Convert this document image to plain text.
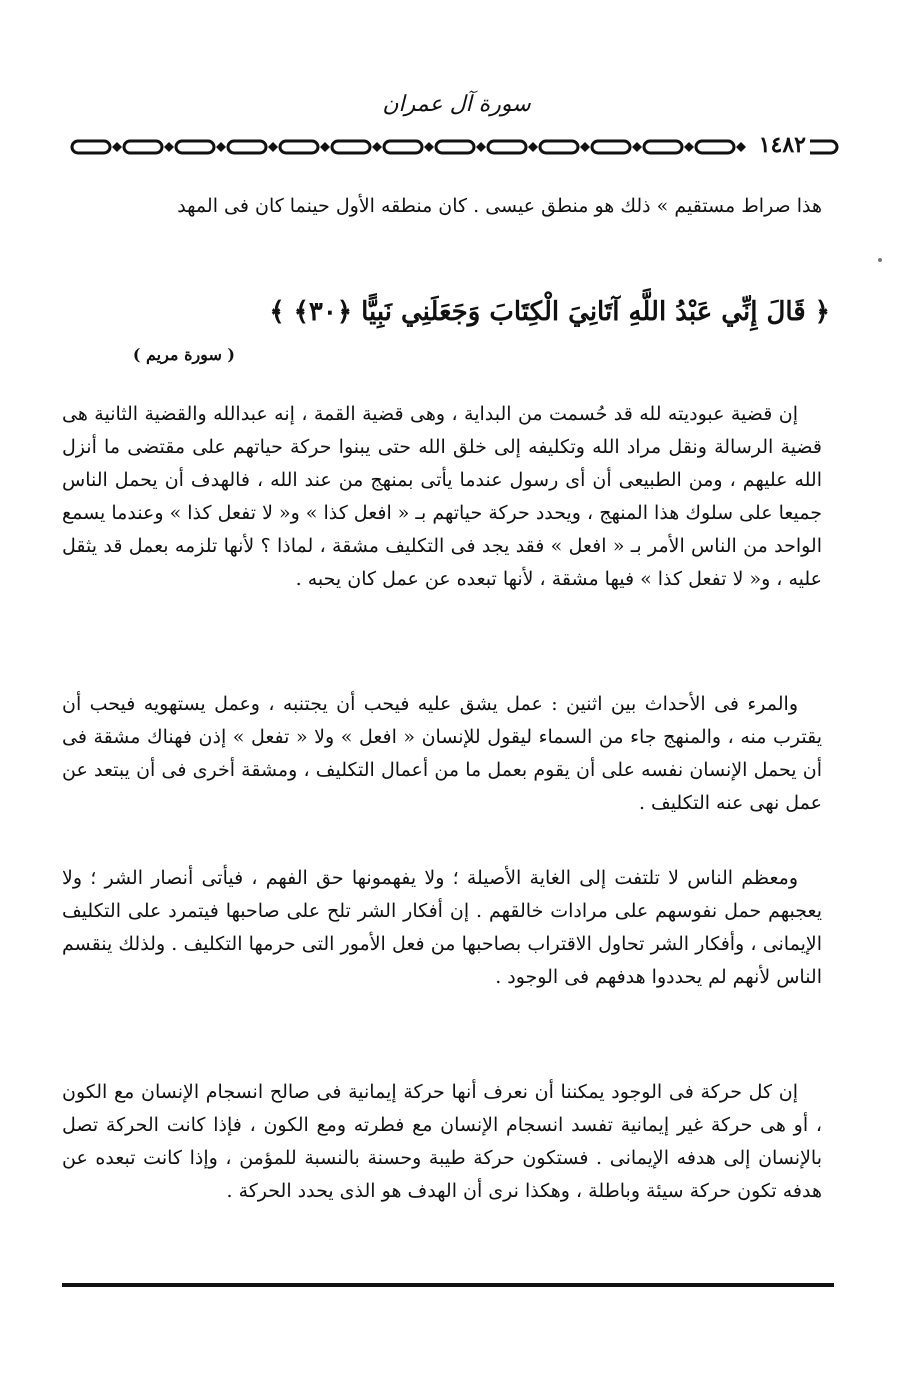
سورة آل عمران
١٤٨٢

هذا صراط مستقيم » ذلك هو منطق عيسى . كان منطقه الأول حينما كان فى المهد

﴿ قَالَ إِنِّي عَبْدُ اللَّهِ آتَانِيَ الْكِتَابَ وَجَعَلَنِي نَبِيًّا ﴿٣٠﴾ ﴾
( سورة مريم )

إن قضية عبوديته لله قد حُسمت من البداية ، وهى قضية القمة ، إنه عبدالله والقضية الثانية هى قضية الرسالة ونقل مراد الله وتكليفه إلى خلق الله حتى يبنوا حركة حياتهم على مقتضى ما أنزل الله عليهم ، ومن الطبيعى أن أى رسول عندما يأتى بمنهج من عند الله ، فالهدف أن يحمل الناس جميعا على سلوك هذا المنهج ، ويحدد حركة حياتهم بـ « افعل كذا » و« لا تفعل كذا » وعندما يسمع الواحد من الناس الأمر بـ « افعل » فقد يجد فى التكليف مشقة ، لماذا ؟ لأنها تلزمه بعمل قد يثقل عليه ، و« لا تفعل كذا » فيها مشقة ، لأنها تبعده عن عمل كان يحبه .

والمرء فى الأحداث بين اثنين : عمل يشق عليه فيحب أن يجتنبه ، وعمل يستهويه فيحب أن يقترب منه ، والمنهج جاء من السماء ليقول للإنسان « افعل » ولا « تفعل » إذن فهناك مشقة فى أن يحمل الإنسان نفسه على أن يقوم بعمل ما من أعمال التكليف ، ومشقة أخرى فى أن يبتعد عن عمل نهى عنه التكليف .

ومعظم الناس لا تلتفت إلى الغاية الأصيلة ؛ ولا يفهمونها حق الفهم ، فيأتى أنصار الشر ؛ ولا يعجبهم حمل نفوسهم على مرادات خالقهم . إن أفكار الشر تلح على صاحبها فيتمرد على التكليف الإيمانى ، وأفكار الشر تحاول الاقتراب بصاحبها من فعل الأمور التى حرمها التكليف . ولذلك ينقسم الناس لأنهم لم يحددوا هدفهم فى الوجود .

إن كل حركة فى الوجود يمكننا أن نعرف أنها حركة إيمانية فى صالح انسجام الإنسان مع الكون ، أو هى حركة غير إيمانية تفسد انسجام الإنسان مع فطرته ومع الكون ، فإذا كانت الحركة تصل بالإنسان إلى هدفه الإيمانى . فستكون حركة طيبة وحسنة بالنسبة للمؤمن ، وإذا كانت تبعده عن هدفه تكون حركة سيئة وباطلة ، وهكذا نرى أن الهدف هو الذى يحدد الحركة .
